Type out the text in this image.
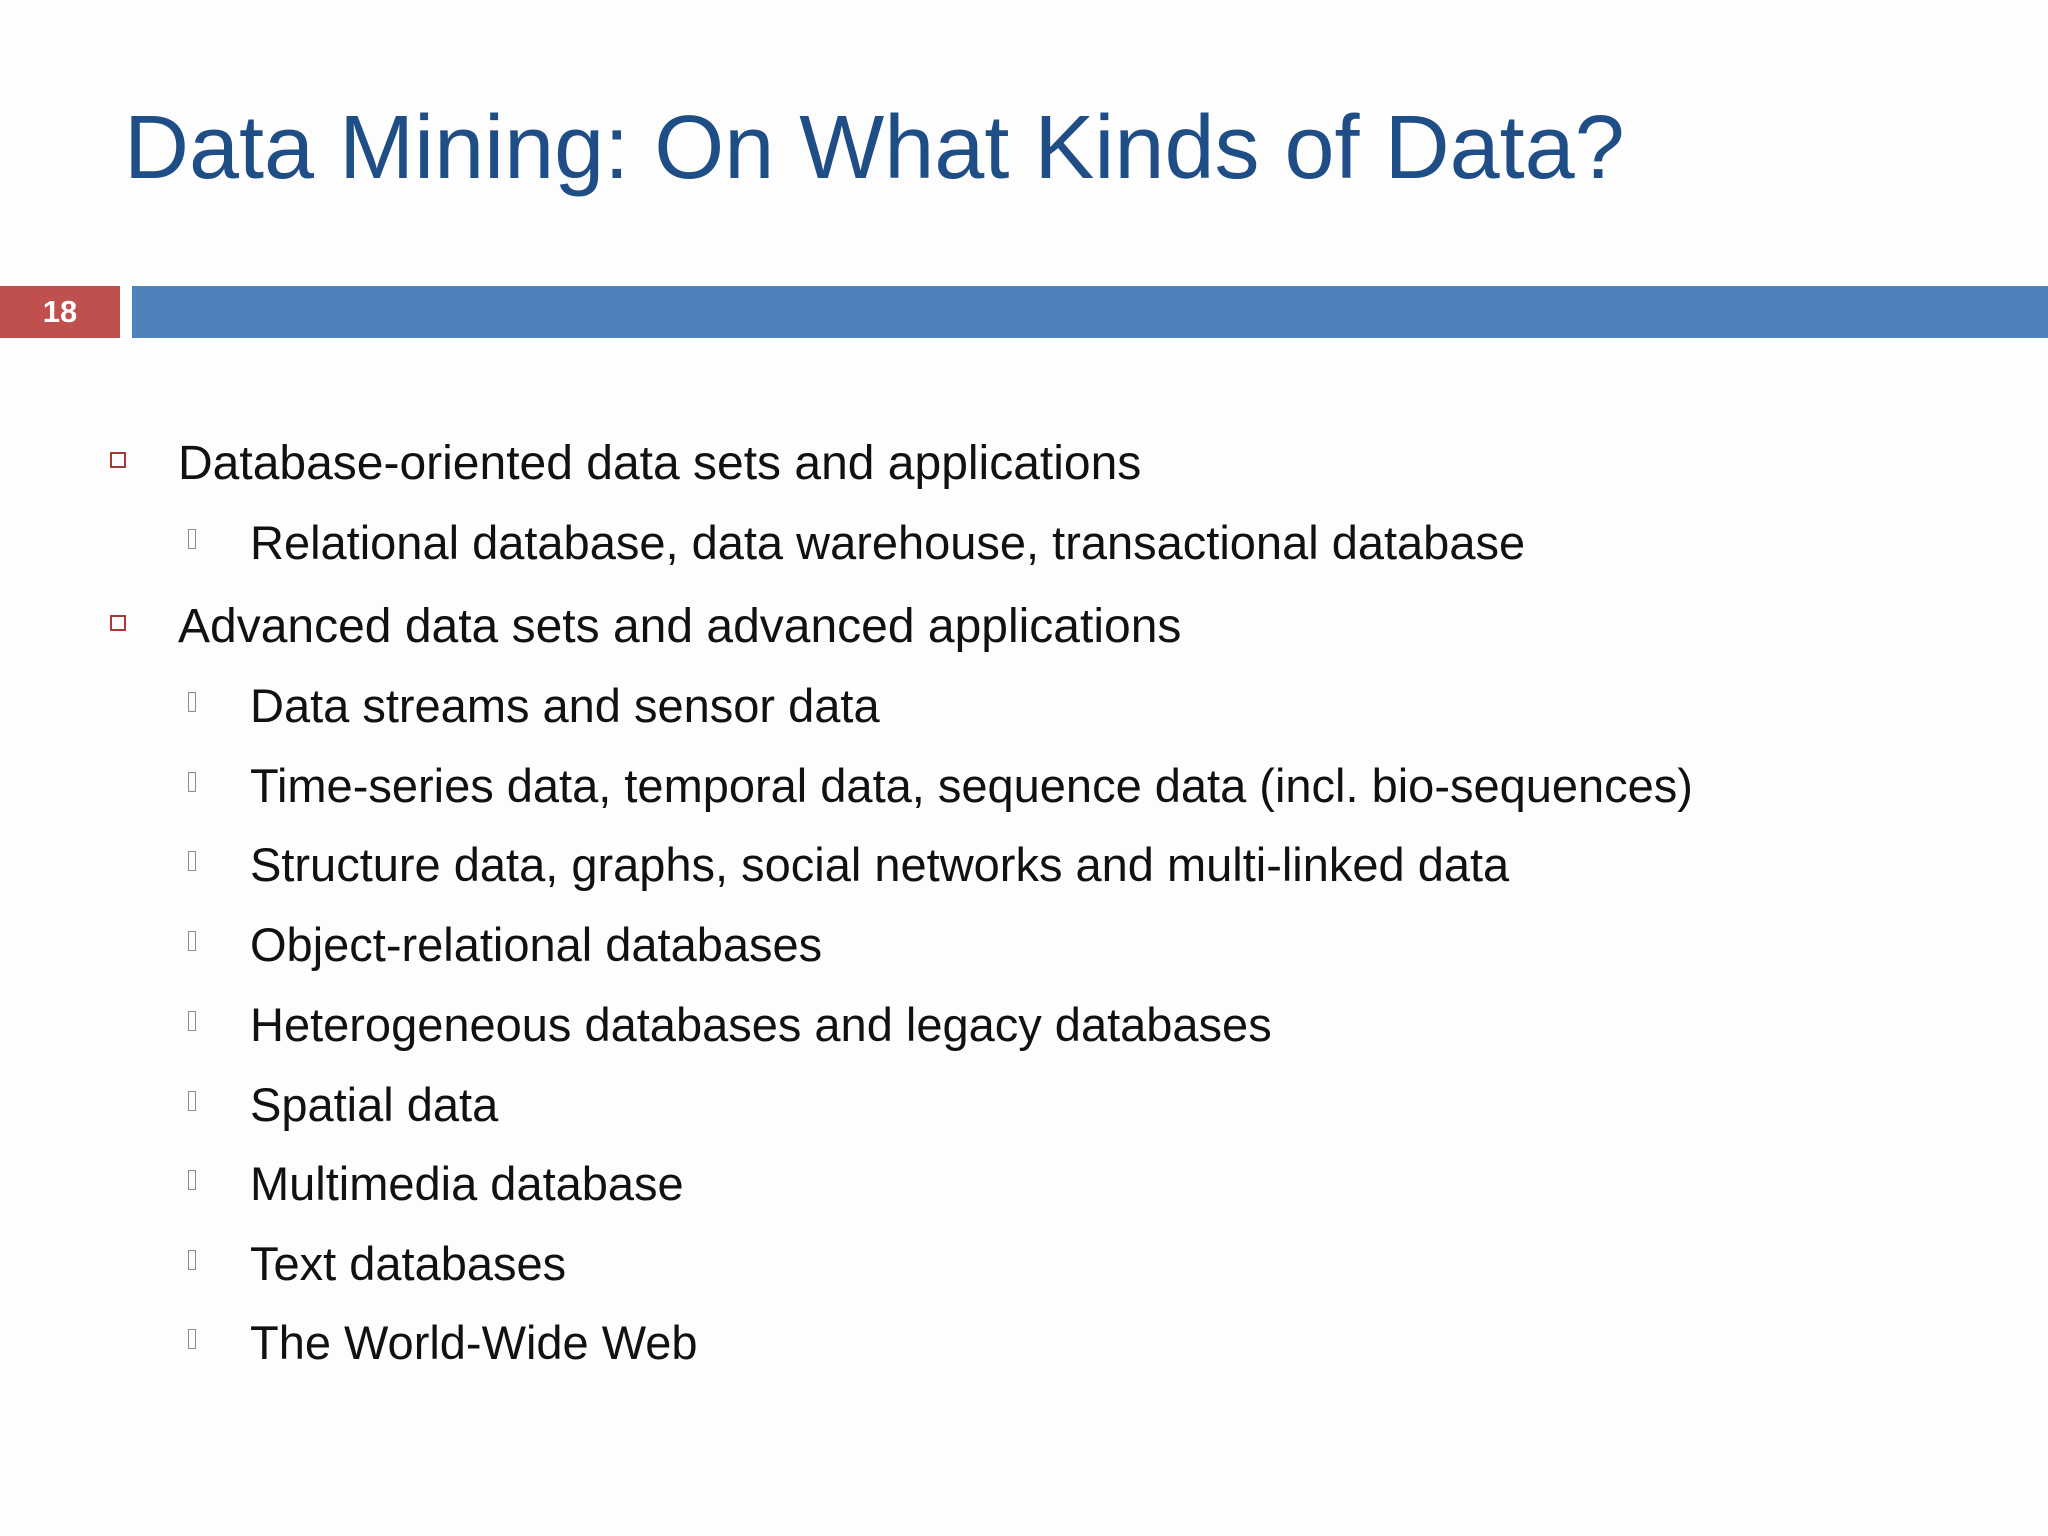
Data Mining: On What Kinds of Data?
18
Database-oriented data sets and applications
Relational database, data warehouse, transactional database
Advanced data sets and advanced applications
Data streams and sensor data
Time-series data, temporal data, sequence data (incl. bio-sequences)
Structure data, graphs, social networks and multi-linked data
Object-relational databases
Heterogeneous databases and legacy databases
Spatial data
Multimedia database
Text databases
The World-Wide Web
